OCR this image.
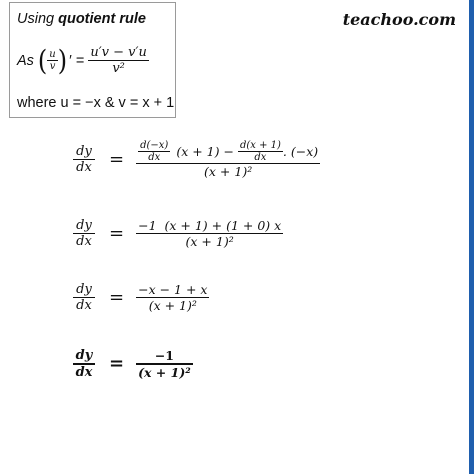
teachoo.com
Using quotient rule
As ( $\frac{u}{v}$ ) ′ = $\frac{u'v - v'u}{\text{v²}}$
where u = −x & v = x + 1
$\frac{dy}{dx} = \frac{d(-x)}{dx} (x + 1) - \frac{d(x + 1)}{dx}$ . (−x)
(x + 1)²
$\frac{dy}{dx} = \frac{-1 (x + 1) + (1 + 0) x}{\text{(x + 1)²}}$
$\frac{dy}{dx} = \frac{-x - 1 + x}{\text{(x + 1)²}}$
$\frac{dy}{dx} = \frac{-1}{\text{(x + 1)²}}$
